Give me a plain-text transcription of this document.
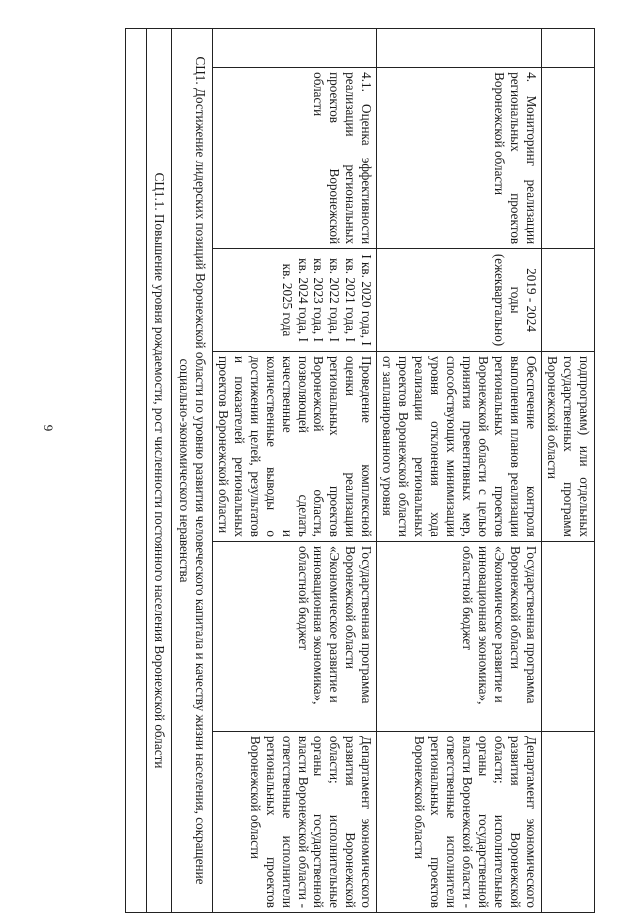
9
				подпрограмм) или отдельных государственных программ Воронежской области		
	4. Мониторинг реализации региональных проектов Воронежской области	2019 - 2024 годы (ежеквартально)	Обеспечение контроля выполнения планов реализации региональных проектов Воронежской области с целью принятия превентивных мер, способствующих минимизации уровня отклонения хода реализации региональных проектов Воронежской области от запланированного уровня	Государственная программа Воронежской области «Экономическое развитие и инновационная экономика», областной бюджет	Департамент экономического развития Воронежской области; исполнительные органы государственной власти Воронежской области - ответственные исполнители региональных проектов Воронежской области
	4.1. Оценка эффективности реализации региональных проектов Воронежской области	I кв. 2020 года, I кв. 2021 года, I кв. 2022 года, I кв. 2023 года, I кв. 2024 года, I кв. 2025 года	Проведение комплексной оценки реализации региональных проектов Воронежской области, позволяющей сделать качественные и количественные выводы о достижении целей, результатов и показателей региональных проектов Воронежской области	Государственная программа Воронежской области «Экономическое развитие и инновационная экономика», областной бюджет	Департамент экономического развития Воронежской области; исполнительные органы государственной власти Воронежской области - ответственные исполнители региональных проектов Воронежской области
СЦ1. Достижение лидерских позиций Воронежской области по уровню развития человеческого капитала и качеству жизни населения, сокращение социально-экономического неравенства					
СЦ1.1. Повышение уровня рождаемости, рост численности постоянного населения Воронежской области					
